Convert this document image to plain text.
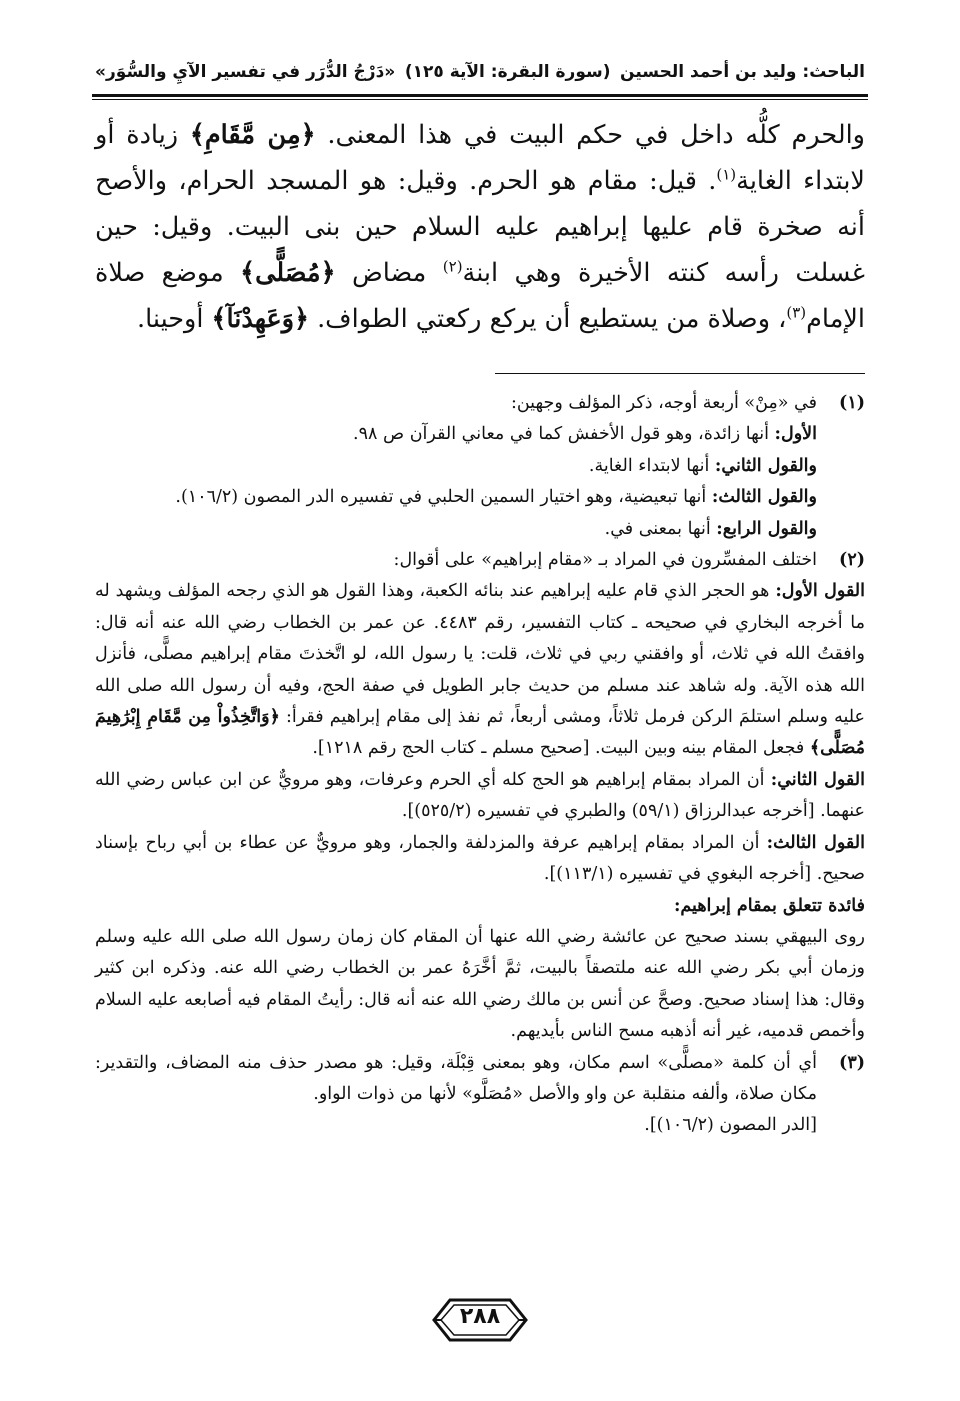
الباحث: وليد بن أحمد الحسين
(سورة البقرة: الآية ١٢٥)
«دَرْجُ الدُّرَر في تفسير الآيِ والسُّوَر»

والحرم كلُّه داخل في حكم البيت في هذا المعنى. ﴿مِن مَّقَامِ﴾ زيادة أو لابتداء الغاية$^{(١)}$. قيل: مقام هو الحرم. وقيل: هو المسجد الحرام، والأصح أنه صخرة قام عليها إبراهيم عليه السلام حين بنى البيت. وقيل: حين غسلت رأسه كنته الأخيرة وهي ابنة$^{(٢)}$ مضاض ﴿مُصَلًّى﴾ موضع صلاة الإمام$^{(٣)}$، وصلاة من يستطيع أن يركع ركعتي الطواف. ﴿وَعَهِدْنَآ﴾ أوحينا.

(١)

في «مِنْ» أربعة أوجه، ذكر المؤلف وجهين:

الأول: أنها زائدة، وهو قول الأخفش كما في معاني القرآن ص ٩٨.

والقول الثاني: أنها لابتداء الغاية.

والقول الثالث: أنها تبعيضية، وهو اختيار السمين الحلبي في تفسيره الدر المصون (١٠٦/٢).

والقول الرابع: أنها بمعنى في.

(٢)

اختلف المفسِّرون في المراد بـ «مقام إبراهيم» على أقوال:

القول الأول: هو الحجر الذي قام عليه إبراهيم عند بنائه الكعبة، وهذا القول هو الذي رجحه المؤلف ويشهد له ما أخرجه البخاري في صحيحه ـ كتاب التفسير، رقم ٤٤٨٣. عن عمر بن الخطاب رضي الله عنه أنه قال: وافقتُ الله في ثلاث، أو وافقني ربي في ثلاث، قلت: يا رسول الله، لو اتَّخذتَ مقام إبراهيم مصلًّى، فأنزل الله هذه الآية. وله شاهد عند مسلم من حديث جابر الطويل في صفة الحج، وفيه أن رسول الله صلى الله عليه وسلم استلمَ الركن فرمل ثلاثاً، ومشى أربعاً، ثم نفذ إلى مقام إبراهيم فقرأ: ﴿وَاتَّخِذُواْ مِن مَّقَامِ إِبْرَٰهِيمَ مُصَلًّى﴾ فجعل المقام بينه وبين البيت. [صحيح مسلم ـ كتاب الحج رقم ١٢١٨].

القول الثاني: أن المراد بمقام إبراهيم هو الحج كله أي الحرم وعرفات، وهو مرويٌّ عن ابن عباس رضي الله عنهما. [أخرجه عبدالرزاق (٥٩/١) والطبري في تفسيره (٥٢٥/٢)].

القول الثالث: أن المراد بمقام إبراهيم عرفة والمزدلفة والجمار، وهو مرويٌّ عن عطاء بن أبي رباح بإسناد صحيح. [أخرجه البغوي في تفسيره (١١٣/١)].

فائدة تتعلق بمقام إبراهيم:

روى البيهقي بسند صحيح عن عائشة رضي الله عنها أن المقام كان زمان رسول الله صلى الله عليه وسلم وزمان أبي بكر رضي الله عنه ملتصقاً بالبيت، ثمَّ أخَّرَهُ عمر بن الخطاب رضي الله عنه. وذكره ابن كثير وقال: هذا إسناد صحيح. وصحَّ عن أنس بن مالك رضي الله عنه أنه قال: رأيتُ المقام فيه أصابعه عليه السلام وأخمص قدميه، غير أنه أذهبه مسح الناس بأيديهم.

(٣)

أي أن كلمة «مصلًّى» اسم مكان، وهو بمعنى قِبْلَة، وقيل: هو مصدر حذف منه المضاف، والتقدير: مكان صلاة، وألفه منقلبة عن واو والأصل «مُصَلَّو» لأنها من ذوات الواو.

[الدر المصون (١٠٦/٢)].

٢٨٨
